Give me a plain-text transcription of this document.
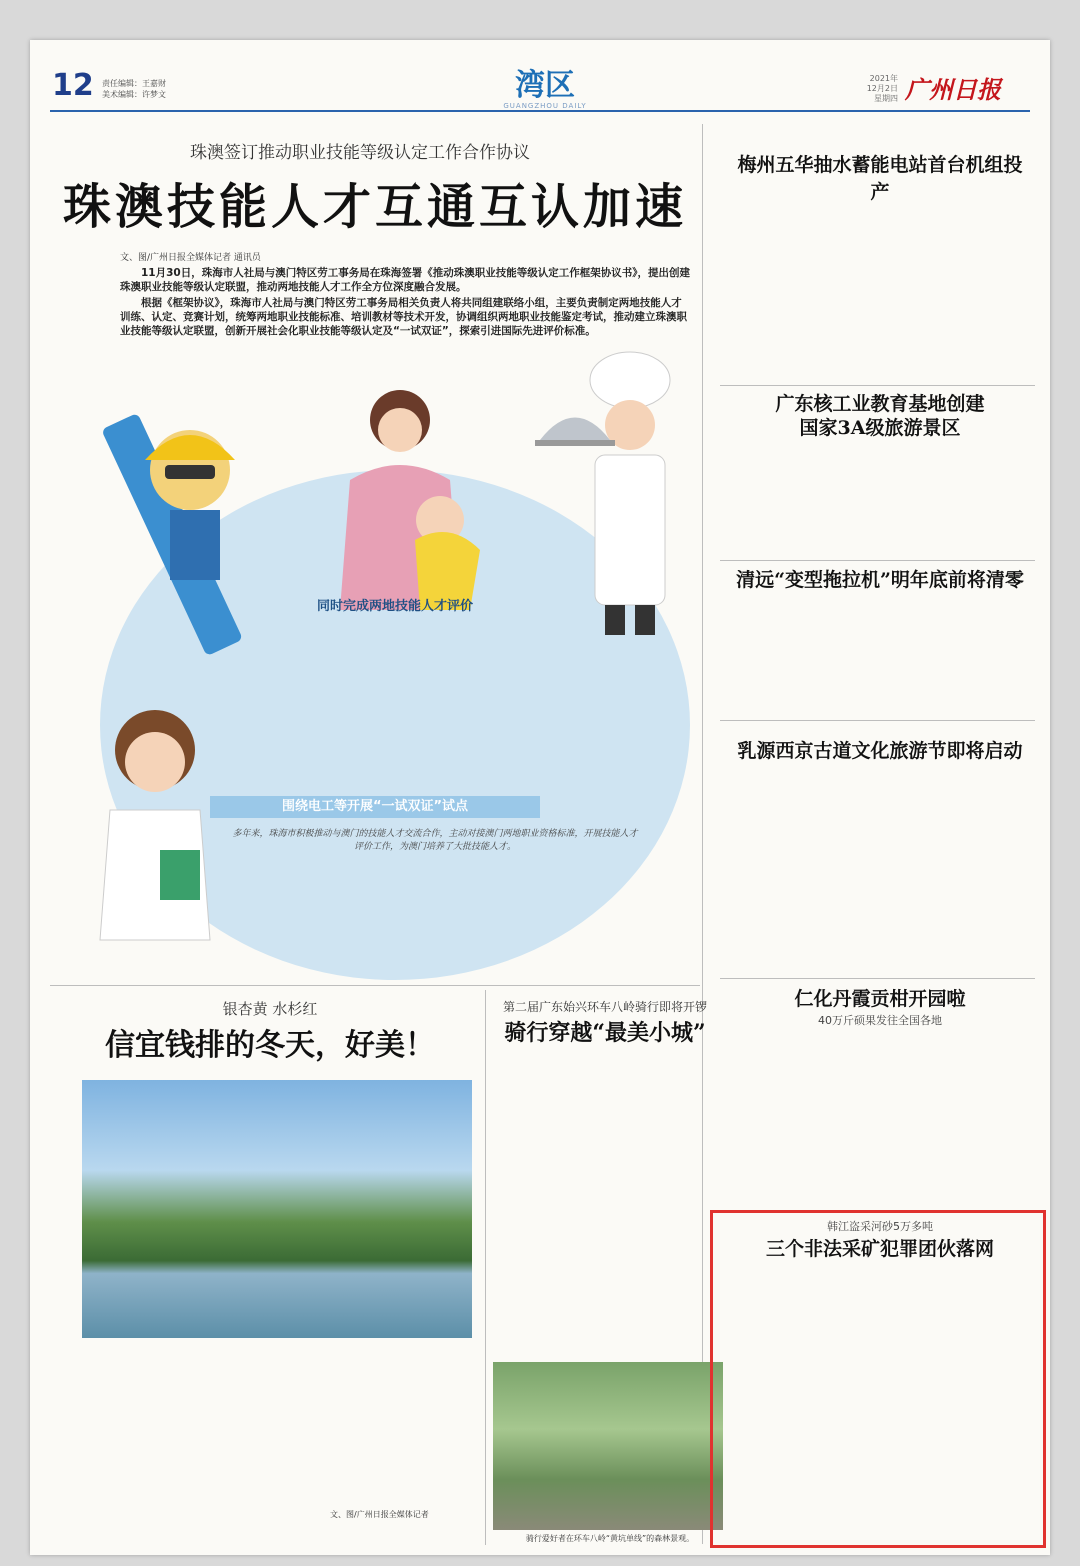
12 责任编辑：王嘉财
美术编辑：许梦文	湾区
GUANGZHOU DAILY
2021年
12月2日
星期四 广州日报
珠澳签订推动职业技能等级认定工作合作协议
珠澳技能人才互通互认加速
文、图/广州日报全媒体记者 通讯员

11月30日，珠海市人社局与澳门特区劳工事务局在珠海签署《推动珠澳职业技能等级认定工作框架协议书》，提出创建珠澳职业技能等级认定联盟，推动两地技能人才工作全方位深度融合发展。

根据《框架协议》，珠海市人社局与澳门特区劳工事务局相关负责人将共同组建联络小组，主要负责制定两地技能人才训练、认定、竞赛计划，统筹两地职业技能标准、培训教材等技术开发，协调组织两地职业技能鉴定考试，推动建立珠澳职业技能等级认定联盟，创新开展社会化职业技能等级认定及“一试双证”，探索引进国际先进评价标准。

同时完成两地技能人才评价
围绕电工等开展“一试双证”试点
多年来，珠海市积极推动与澳门的技能人才交流合作，主动对接澳门两地职业资格标准，开展技能人才评价工作，为澳门培养了大批技能人才。
银杏黄 水杉红
信宜钱排的冬天，好美！
文、图/广州日报全媒体记者
第二届广东始兴环车八岭骑行即将开锣
骑行穿越“最美小城”
骑行爱好者在环车八岭“黄坑单线”的森林景观。
梅州五华抽水蓄能电站首台机组投产
广东核工业教育基地创建
国家3A级旅游景区
清远“变型拖拉机”明年底前将清零
乳源西京古道文化旅游节即将启动
仁化丹霞贡柑开园啦
40万斤硕果发往全国各地
韩江盗采河砂5万多吨
三个非法采矿犯罪团伙落网
